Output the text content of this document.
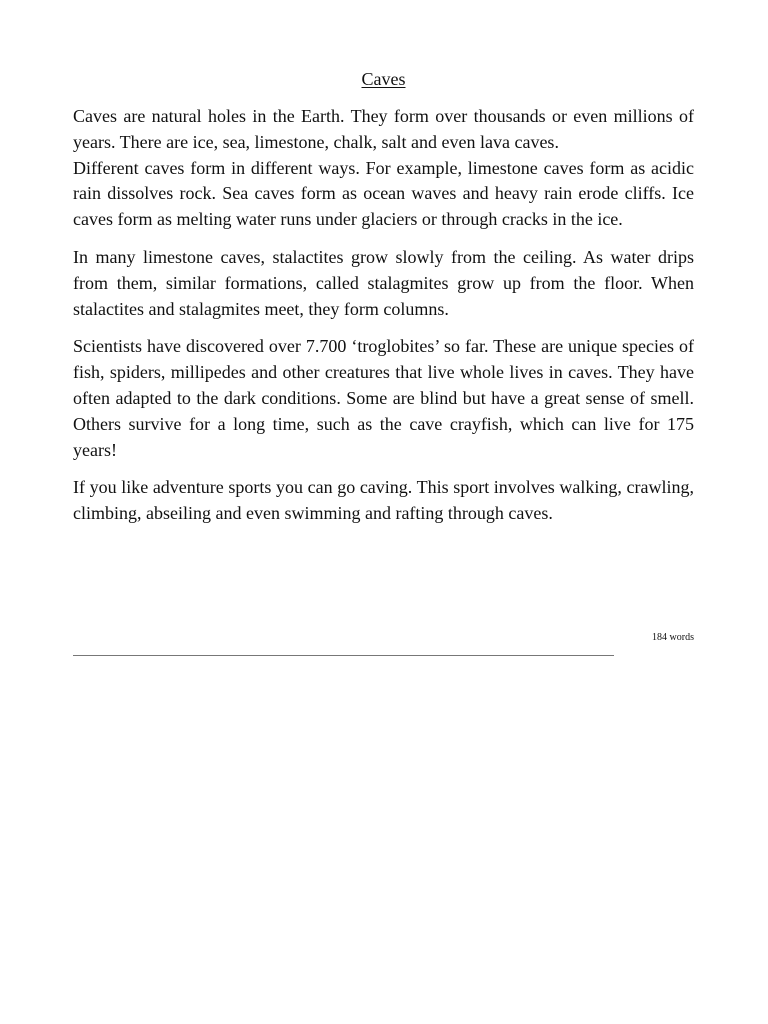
Caves

Caves are natural holes in the Earth. They form over thousands or even millions of years. There are ice, sea, limestone, chalk, salt and even lava caves.

Different caves form in different ways. For example, limestone caves form as acidic rain dissolves rock. Sea caves form as ocean waves and heavy rain erode cliffs. Ice caves form as melting water runs under glaciers or through cracks in the ice.

In many limestone caves, stalactites grow slowly from the ceiling. As water drips from them, similar formations, called stalagmites grow up from the floor. When stalactites and stalagmites meet, they form columns.

Scientists have discovered over 7.700 ‘troglobites’ so far. These are unique species of fish, spiders, millipedes and other creatures that live whole lives in caves. They have often adapted to the dark conditions. Some are blind but have a great sense of smell. Others survive for a long time, such as the cave crayfish, which can live for 175 years!

If you like adventure sports you can go caving. This sport involves walking, crawling, climbing, abseiling and even swimming and rafting through caves.

184 words
